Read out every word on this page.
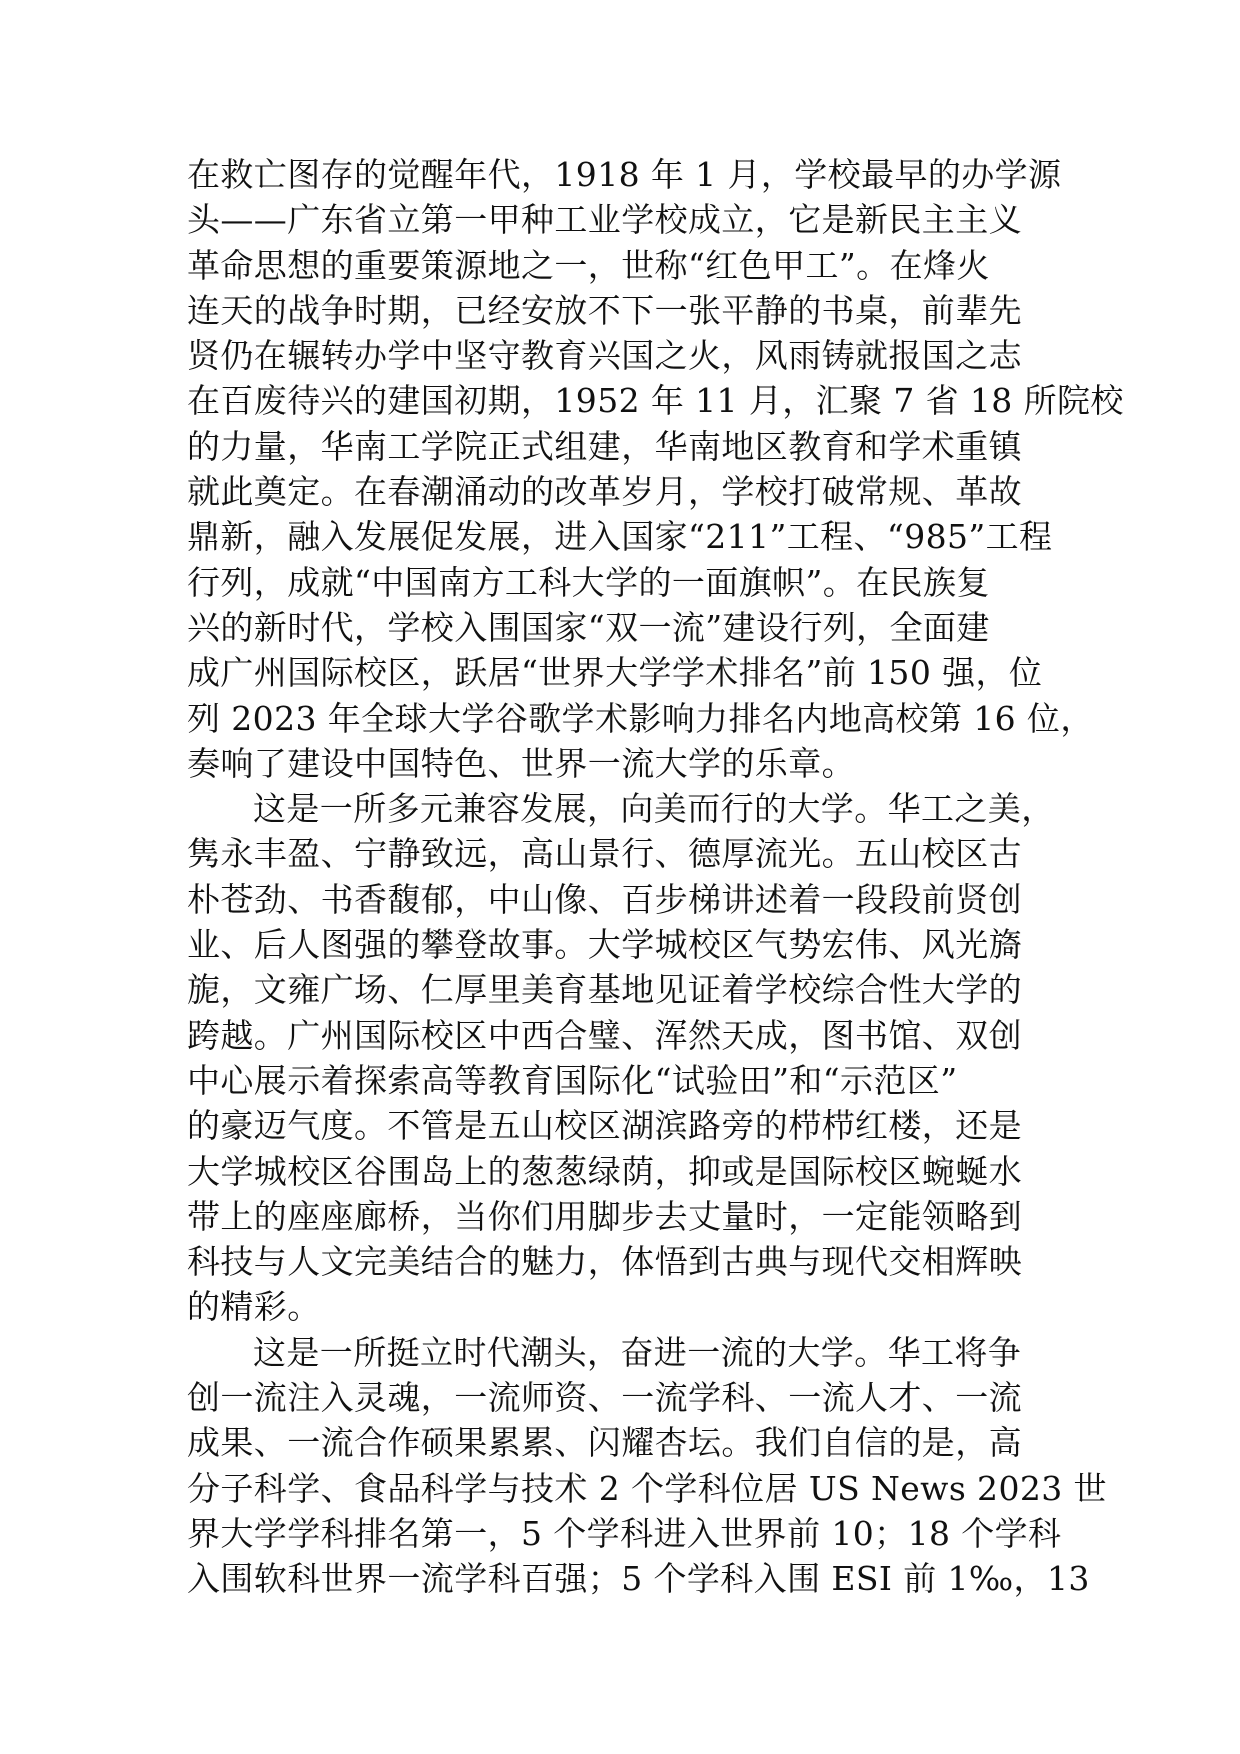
在救亡图存的觉醒年代，1918 年 1 月，学校最早的办学源
头——广东省立第一甲种工业学校成立，它是新民主主义
革命思想的重要策源地之一，世称“红色甲工”。在烽火
连天的战争时期，已经安放不下一张平静的书桌，前辈先
贤仍在辗转办学中坚守教育兴国之火，风雨铸就报国之志
在百废待兴的建国初期，1952 年 11 月，汇聚 7 省 18 所院校
的力量，华南工学院正式组建，华南地区教育和学术重镇
就此奠定。在春潮涌动的改革岁月，学校打破常规、革故
鼎新，融入发展促发展，进入国家“211”工程、“985”工程
行列，成就“中国南方工科大学的一面旗帜”。在民族复
兴的新时代，学校入围国家“双一流”建设行列，全面建
成广州国际校区，跃居“世界大学学术排名”前 150 强，位
列 2023 年全球大学谷歌学术影响力排名内地高校第 16 位，
奏响了建设中国特色、世界一流大学的乐章。
这是一所多元兼容发展，向美而行的大学。华工之美，
隽永丰盈、宁静致远，高山景行、德厚流光。五山校区古
朴苍劲、书香馥郁，中山像、百步梯讲述着一段段前贤创
业、后人图强的攀登故事。大学城校区气势宏伟、风光旖
旎，文雍广场、仁厚里美育基地见证着学校综合性大学的
跨越。广州国际校区中西合璧、浑然天成，图书馆、双创
中心展示着探索高等教育国际化“试验田”和“示范区”
的豪迈气度。不管是五山校区湖滨路旁的栉栉红楼，还是
大学城校区谷围岛上的葱葱绿荫，抑或是国际校区蜿蜒水
带上的座座廊桥，当你们用脚步去丈量时，一定能领略到
科技与人文完美结合的魅力，体悟到古典与现代交相辉映
的精彩。
这是一所挺立时代潮头，奋进一流的大学。华工将争
创一流注入灵魂，一流师资、一流学科、一流人才、一流
成果、一流合作硕果累累、闪耀杏坛。我们自信的是，高
分子科学、食品科学与技术 2 个学科位居 US News 2023 世
界大学学科排名第一，5 个学科进入世界前 10；18 个学科
入围软科世界一流学科百强；5 个学科入围 ESI 前 1‰，13
